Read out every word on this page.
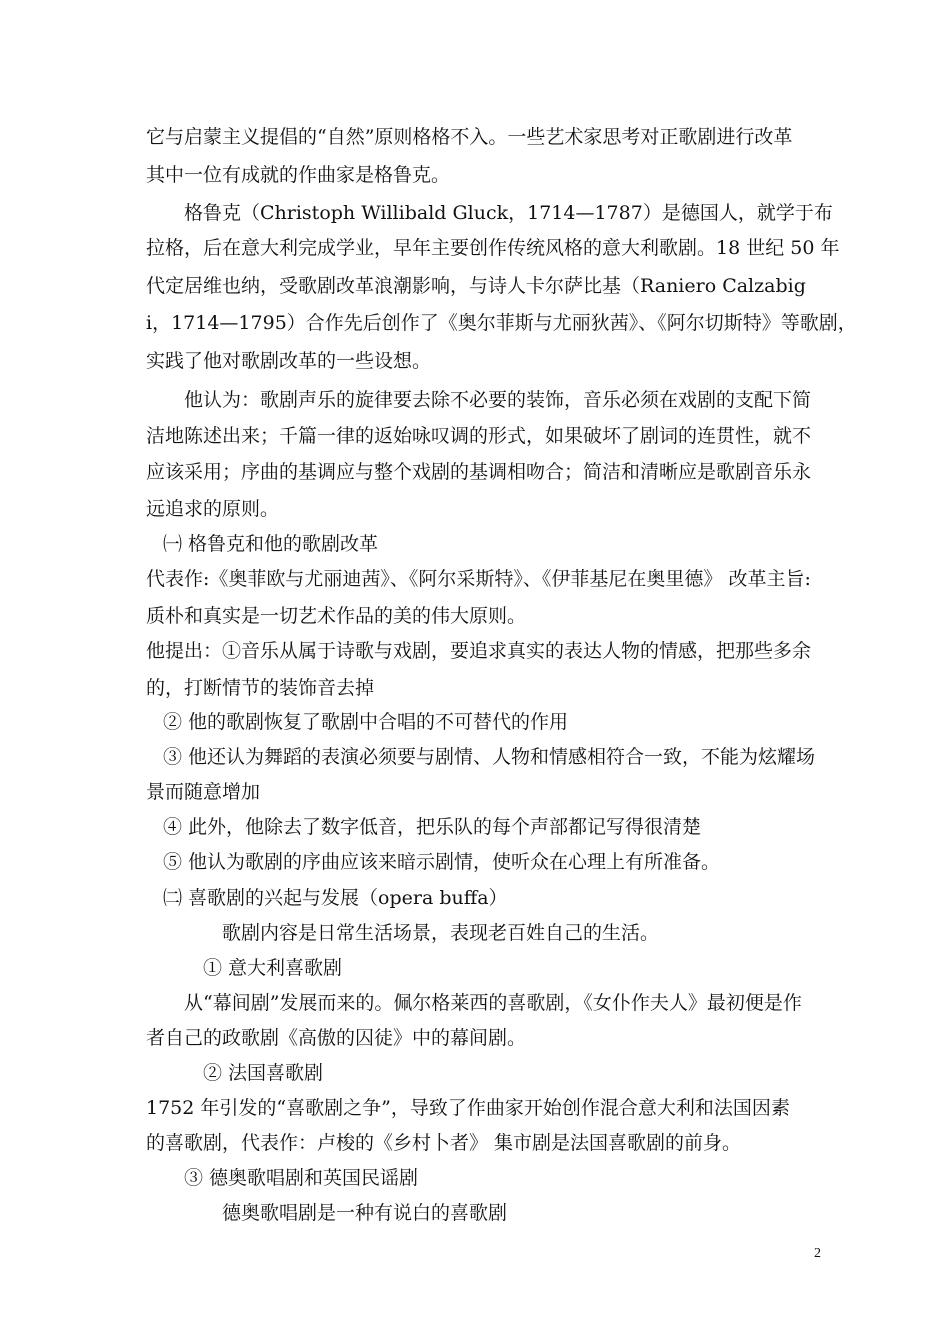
它与启蒙主义提倡的“自然”原则格格不入。一些艺术家思考对正歌剧进行改革
其中一位有成就的作曲家是格鲁克。
格鲁克（Christoph Willibald Gluck，1714—1787）是德国人，就学于布
拉格，后在意大利完成学业，早年主要创作传统风格的意大利歌剧。18 世纪 50 年
代定居维也纳，受歌剧改革浪潮影响，与诗人卡尔萨比基（Raniero Calzabig
i，1714—1795）合作先后创作了《奥尔菲斯与尤丽狄茜》、《阿尔切斯特》等歌剧，
实践了他对歌剧改革的一些设想。
他认为：歌剧声乐的旋律要去除不必要的装饰，音乐必须在戏剧的支配下简
洁地陈述出来；千篇一律的返始咏叹调的形式，如果破坏了剧词的连贯性，就不
应该采用；序曲的基调应与整个戏剧的基调相吻合；简洁和清晰应是歌剧音乐永
远追求的原则。
㈠ 格鲁克和他的歌剧改革
代表作:《奥菲欧与尤丽迪茜》、《阿尔采斯特》、《伊菲基尼在奥里德》 改革主旨:
质朴和真实是一切艺术作品的美的伟大原则。
他提出：①音乐从属于诗歌与戏剧，要追求真实的表达人物的情感，把那些多余
的，打断情节的装饰音去掉
② 他的歌剧恢复了歌剧中合唱的不可替代的作用
③ 他还认为舞蹈的表演必须要与剧情、人物和情感相符合一致，不能为炫耀场
景而随意增加
④ 此外，他除去了数字低音，把乐队的每个声部都记写得很清楚
⑤ 他认为歌剧的序曲应该来暗示剧情，使听众在心理上有所准备。
㈡ 喜歌剧的兴起与发展（opera buffa）
歌剧内容是日常生活场景，表现老百姓自己的生活。
① 意大利喜歌剧
从“幕间剧”发展而来的。佩尔格莱西的喜歌剧，《女仆作夫人》最初便是作
者自己的政歌剧《高傲的囚徒》中的幕间剧。
② 法国喜歌剧
1752 年引发的“喜歌剧之争”，导致了作曲家开始创作混合意大利和法国因素
的喜歌剧，代表作：卢梭的《乡村卜者》 集市剧是法国喜歌剧的前身。
③ 德奥歌唱剧和英国民谣剧
德奥歌唱剧是一种有说白的喜歌剧
2
